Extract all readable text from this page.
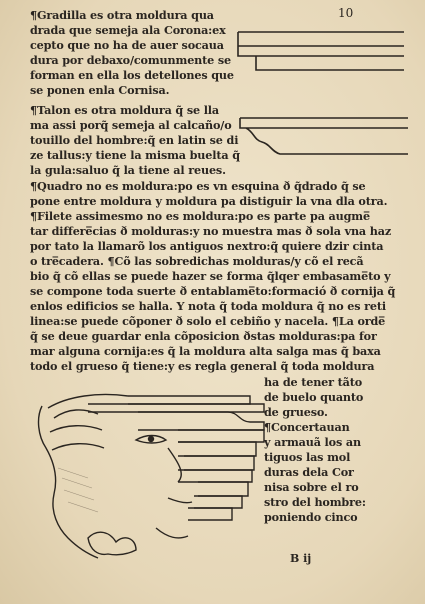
10
¶Gradilla es otra moldura qua
drada que semeja ala Corona:ex
cepto que no ha de auer socaua
dura por debaxo/comunmente se
forman en ella los detellones que
se ponen enla Cornisa.
¶Talon es otra moldura q̃ se lla
ma assi porq̃ semeja al calcaño/o
touillo del hombre:q̃ en latin se di
ze tallus:y tiene la misma buelta q̃
la gula:saluo q̃ la tiene al reues.
¶Quadro no es moldura:po es vn esquina ð q̃drado q̃ se
pone entre moldura y moldura pa distiguir la vna dla otra.
¶Filete assimesmo no es moldura:po es parte pa augme̅
tar differe̅cias ð molduras:y no muestra mas ð sola vna haz
por tato la llamarõ los antiguos nextro:q̃ quiere dzir cinta
o tre̅cadera. ¶Cõ las sobredichas molduras/y cõ el recã
bio q̃ cõ ellas se puede hazer se forma q̃lqer embasame̅to y
se compone toda suerte ð entablame̅to:formació ð cornija q̃
enlos edificios se halla. Y nota q̃ toda moldura q̃ no es reti
linea:se puede cõponer ð solo el cebiño y nacela. ¶La orde̅
q̃ se deue guardar enla cõposicion ðstas molduras:pa for
mar alguna cornija:es q̃ la moldura alta salga mas q̃ baxa
todo el grueso q̃ tiene:y es regla general q̃ toda moldura
ha de tener tãto
de buelo quanto
de grueso.
¶Concertauan
y armauã los an
tiguos las mol
duras dela Cor
nisa sobre el ro
stro del hombre:
poniendo cinco
B ij
